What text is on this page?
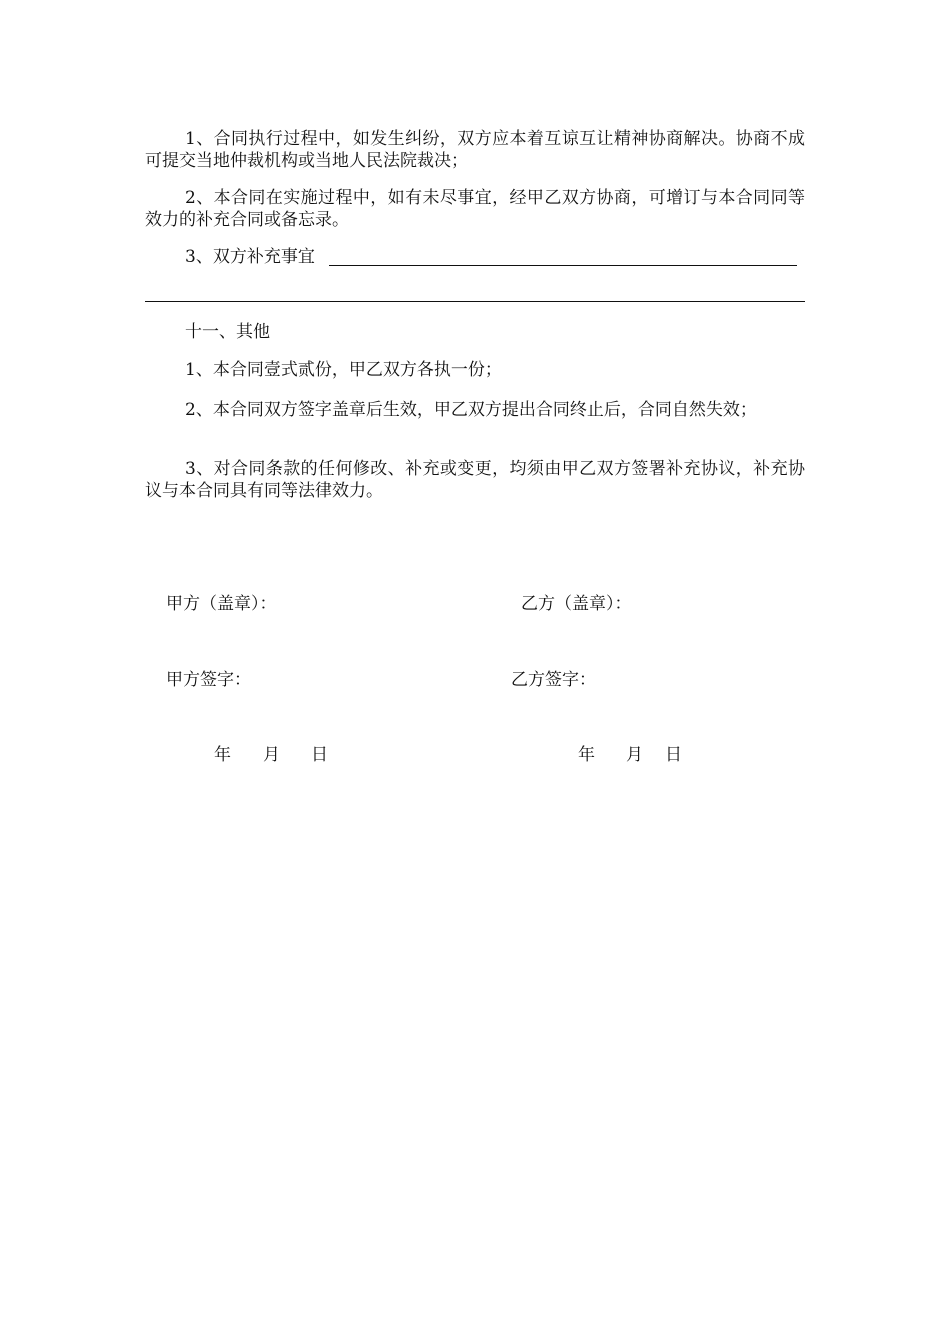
1、合同执行过程中，如发生纠纷，双方应本着互谅互让精神协商解决。协商不成可提交当地仲裁机构或当地人民法院裁决；

2、本合同在实施过程中，如有未尽事宜，经甲乙双方协商，可增订与本合同同等效力的补充合同或备忘录。

3、双方补充事宜
十一、其他

1、本合同壹式贰份，甲乙双方各执一份；

2、本合同双方签字盖章后生效，甲乙双方提出合同终止后，合同自然失效；

3、对合同条款的任何修改、补充或变更，均须由甲乙双方签署补充协议，补充协议与本合同具有同等法律效力。

甲方（盖章）：	乙方（盖章）：
甲方签字：	乙方签字：
年 月 日	年 月 日
